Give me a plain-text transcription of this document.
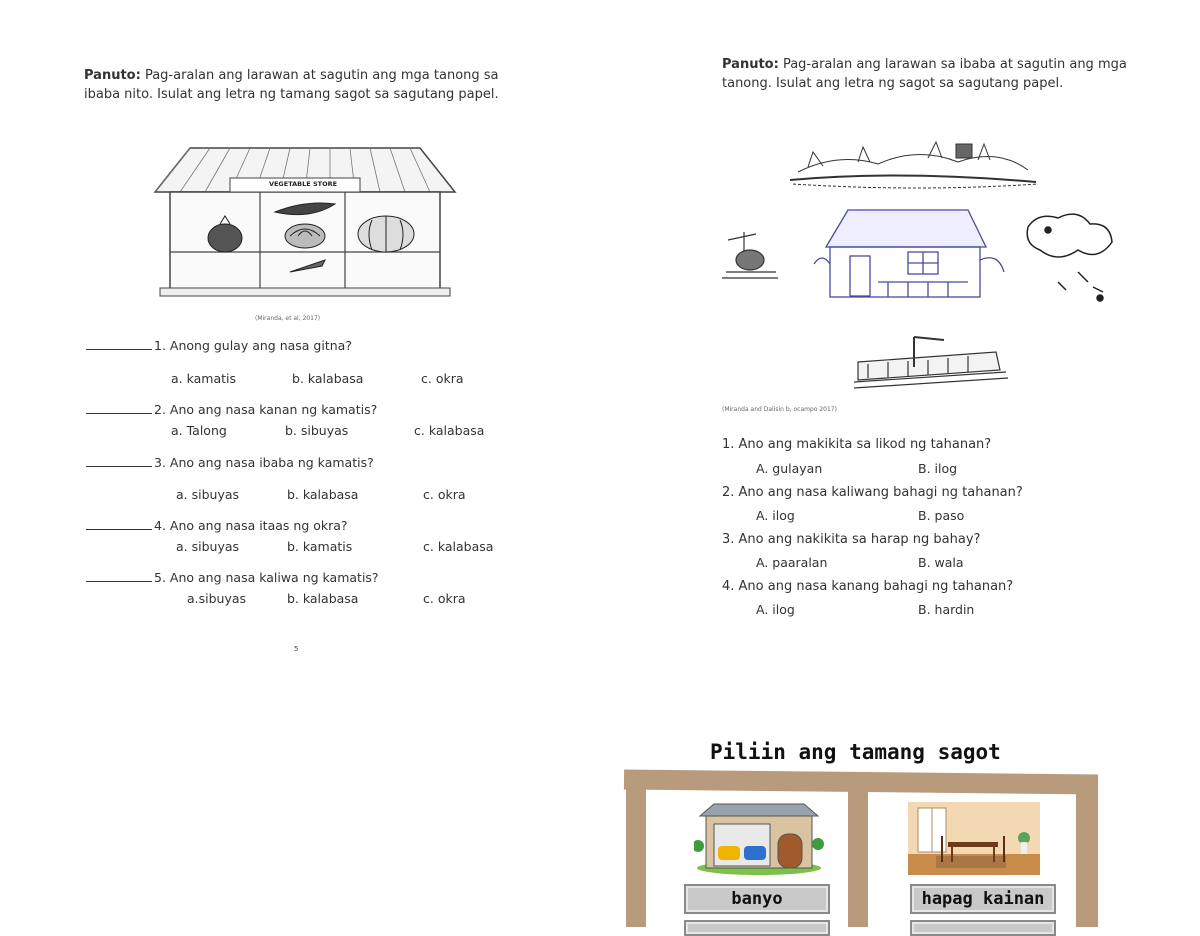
Panuto: Pag-aralan ang larawan at sagutin ang mga tanong sa ibaba nito. Isulat ang letra ng tamang sagot sa sagutang papel.
VEGETABLE STORE
(Miranda, et al, 2017)
1. Anong gulay ang nasa gitna?
a. kamatis	b. kalabasa	c. okra
2. Ano ang nasa kanan ng kamatis?
a. Talong	b. sibuyas	c. kalabasa
3. Ano ang nasa ibaba ng kamatis?
a. sibuyas	b. kalabasa	c. okra
4. Ano ang nasa itaas ng okra?
a. sibuyas	b. kamatis	c. kalabasa
5. Ano ang nasa kaliwa ng kamatis?
a.sibuyas	b. kalabasa	c. okra
5
Panuto: Pag-aralan ang larawan sa ibaba at sagutin ang mga tanong. Isulat ang letra ng sagot sa sagutang papel.
(Miranda and Dalisin b, ocampo 2017)
1. Ano ang makikita sa likod ng tahanan?
A. gulayan	B. ilog
2. Ano ang nasa kaliwang bahagi ng tahanan?
A. ilog	B. paso
3. Ano ang nakikita sa harap ng bahay?
A. paaralan	B. wala
4. Ano ang nasa kanang bahagi ng tahanan?
A. ilog	B. hardin
Piliin ang tamang sagot
banyo	hapag kainan
